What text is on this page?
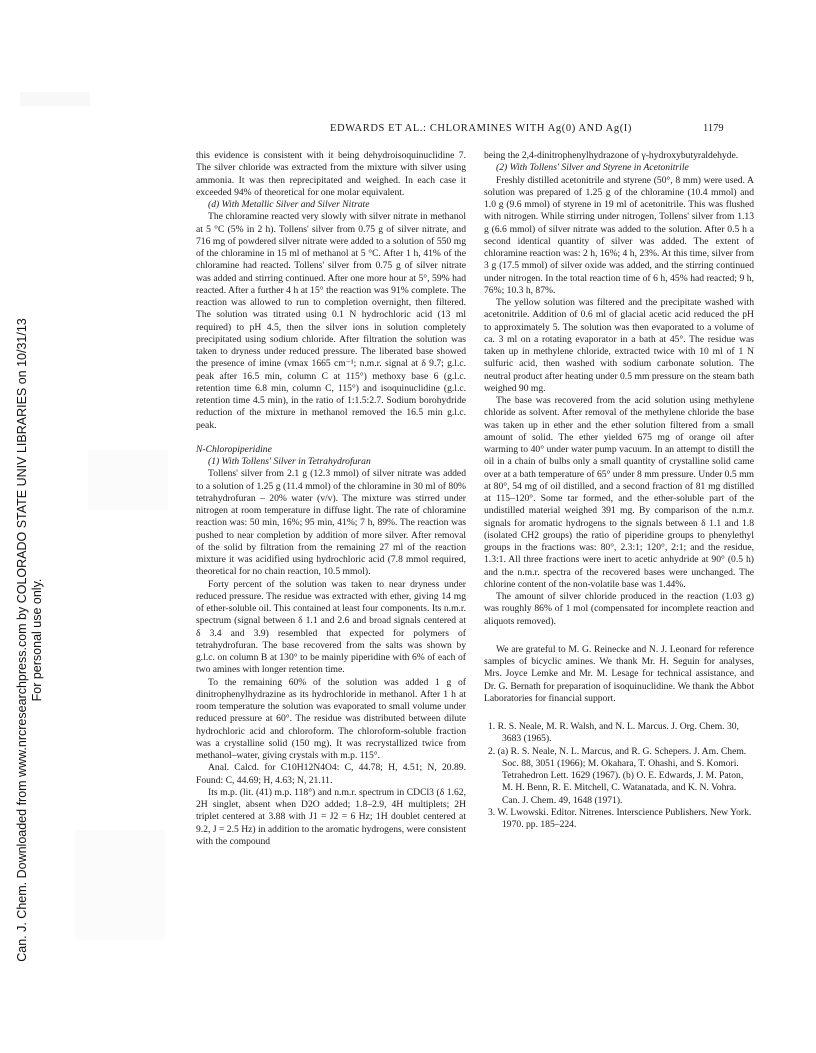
Can. J. Chem. Downloaded from www.nrcresearchpress.com by COLORADO STATE UNIV LIBRARIES on 10/31/13 For personal use only.
EDWARDS ET AL.: CHLORAMINES WITH Ag(0) AND Ag(I)	1179

this evidence is consistent with it being dehydroisoquinuclidine 7. The silver chloride was extracted from the mixture with silver using ammonia. It was then reprecipitated and weighed. In each case it exceeded 94% of theoretical for one molar equivalent.

(d) With Metallic Silver and Silver Nitrate

The chloramine reacted very slowly with silver nitrate in methanol at 5 °C (5% in 2 h). Tollens' silver from 0.75 g of silver nitrate, and 716 mg of powdered silver nitrate were added to a solution of 550 mg of the chloramine in 15 ml of methanol at 5 °C. After 1 h, 41% of the chloramine had reacted. Tollens' silver from 0.75 g of silver nitrate was added and stirring continued. After one more hour at 5°, 59% had reacted. After a further 4 h at 15° the reaction was 91% complete. The reaction was allowed to run to completion overnight, then filtered. The solution was titrated using 0.1 N hydrochloric acid (13 ml required) to pH 4.5, then the silver ions in solution completely precipitated using sodium chloride. After filtration the solution was taken to dryness under reduced pressure. The liberated base showed the presence of imine (νmax 1665 cm⁻¹; n.m.r. signal at δ 9.7; g.l.c. peak after 16.5 min, column C at 115°) methoxy base 6 (g.l.c. retention time 6.8 min, column C, 115°) and isoquinuclidine (g.l.c. retention time 4.5 min), in the ratio of 1:1.5:2.7. Sodium borohydride reduction of the mixture in methanol removed the 16.5 min g.l.c. peak.

N-Chloropiperidine
(1) With Tollens' Silver in Tetrahydrofuran

Tollens' silver from 2.1 g (12.3 mmol) of silver nitrate was added to a solution of 1.25 g (11.4 mmol) of the chloramine in 30 ml of 80% tetrahydrofuran – 20% water (v/v). The mixture was stirred under nitrogen at room temperature in diffuse light. The rate of chloramine reaction was: 50 min, 16%; 95 min, 41%; 7 h, 89%. The reaction was pushed to near completion by addition of more silver. After removal of the solid by filtration from the remaining 27 ml of the reaction mixture it was acidified using hydrochloric acid (7.8 mmol required, theoretical for no chain reaction, 10.5 mmol).

Forty percent of the solution was taken to near dryness under reduced pressure. The residue was extracted with ether, giving 14 mg of ether-soluble oil. This contained at least four components. Its n.m.r. spectrum (signal between δ 1.1 and 2.6 and broad signals centered at δ 3.4 and 3.9) resembled that expected for polymers of tetrahydrofuran. The base recovered from the salts was shown by g.l.c. on column B at 130° to be mainly piperidine with 6% of each of two amines with longer retention time.

To the remaining 60% of the solution was added 1 g of dinitrophenylhydrazine as its hydrochloride in methanol. After 1 h at room temperature the solution was evaporated to small volume under reduced pressure at 60°. The residue was distributed between dilute hydrochloric acid and chloroform. The chloroform-soluble fraction was a crystalline solid (150 mg). It was recrystallized twice from methanol–water, giving crystals with m.p. 115°.

Anal. Calcd. for C10H12N4O4: C, 44.78; H, 4.51; N, 20.89. Found: C, 44.69; H, 4.63; N, 21.11.

Its m.p. (lit. (41) m.p. 118°) and n.m.r. spectrum in CDCl3 (δ 1.62, 2H singlet, absent when D2O added; 1.8–2.9, 4H multiplets; 2H triplet centered at 3.88 with J1 = J2 = 6 Hz; 1H doublet centered at 9.2, J = 2.5 Hz) in addition to the aromatic hydrogens, were consistent with the compound

being the 2,4-dinitrophenylhydrazone of γ-hydroxybutyraldehyde.

(2) With Tollens' Silver and Styrene in Acetonitrile

Freshly distilled acetonitrile and styrene (50°, 8 mm) were used. A solution was prepared of 1.25 g of the chloramine (10.4 mmol) and 1.0 g (9.6 mmol) of styrene in 19 ml of acetonitrile. This was flushed with nitrogen. While stirring under nitrogen, Tollens' silver from 1.13 g (6.6 mmol) of silver nitrate was added to the solution. After 0.5 h a second identical quantity of silver was added. The extent of chloramine reaction was: 2 h, 16%; 4 h, 23%. At this time, silver from 3 g (17.5 mmol) of silver oxide was added, and the stirring continued under nitrogen. In the total reaction time of 6 h, 45% had reacted; 9 h, 76%; 10.3 h, 87%.

The yellow solution was filtered and the precipitate washed with acetonitrile. Addition of 0.6 ml of glacial acetic acid reduced the pH to approximately 5. The solution was then evaporated to a volume of ca. 3 ml on a rotating evaporator in a bath at 45°. The residue was taken up in methylene chloride, extracted twice with 10 ml of 1 N sulfuric acid, then washed with sodium carbonate solution. The neutral product after heating under 0.5 mm pressure on the steam bath weighed 90 mg.

The base was recovered from the acid solution using methylene chloride as solvent. After removal of the methylene chloride the base was taken up in ether and the ether solution filtered from a small amount of solid. The ether yielded 675 mg of orange oil after warming to 40° under water pump vacuum. In an attempt to distill the oil in a chain of bulbs only a small quantity of crystalline solid came over at a bath temperature of 65° under 8 mm pressure. Under 0.5 mm at 80°, 54 mg of oil distilled, and a second fraction of 81 mg distilled at 115–120°. Some tar formed, and the ether-soluble part of the undistilled material weighed 391 mg. By comparison of the n.m.r. signals for aromatic hydrogens to the signals between δ 1.1 and 1.8 (isolated CH2 groups) the ratio of piperidine groups to phenylethyl groups in the fractions was: 80°, 2.3:1; 120°, 2:1; and the residue, 1.3:1. All three fractions were inert to acetic anhydride at 90° (0.5 h) and the n.m.r. spectra of the recovered bases were unchanged. The chlorine content of the non-volatile base was 1.44%.

The amount of silver chloride produced in the reaction (1.03 g) was roughly 86% of 1 mol (compensated for incomplete reaction and aliquots removed).

We are grateful to M. G. Reinecke and N. J. Leonard for reference samples of bicyclic amines. We thank Mr. H. Seguin for analyses, Mrs. Joyce Lemke and Mr. M. Lesage for technical assistance, and Dr. G. Bernath for preparation of isoquinuclidine. We thank the Abbot Laboratories for financial support.

1. R. S. Neale, M. R. Walsh, and N. L. Marcus. J. Org. Chem. 30, 3683 (1965).
2. (a) R. S. Neale, N. L. Marcus, and R. G. Schepers. J. Am. Chem. Soc. 88, 3051 (1966); M. Okahara, T. Ohashi, and S. Komori. Tetrahedron Lett. 1629 (1967). (b) O. E. Edwards, J. M. Paton, M. H. Benn, R. E. Mitchell, C. Watanatada, and K. N. Vohra. Can. J. Chem. 49, 1648 (1971).
3. W. Lwowski. Editor. Nitrenes. Interscience Publishers. New York. 1970. pp. 185–224.
